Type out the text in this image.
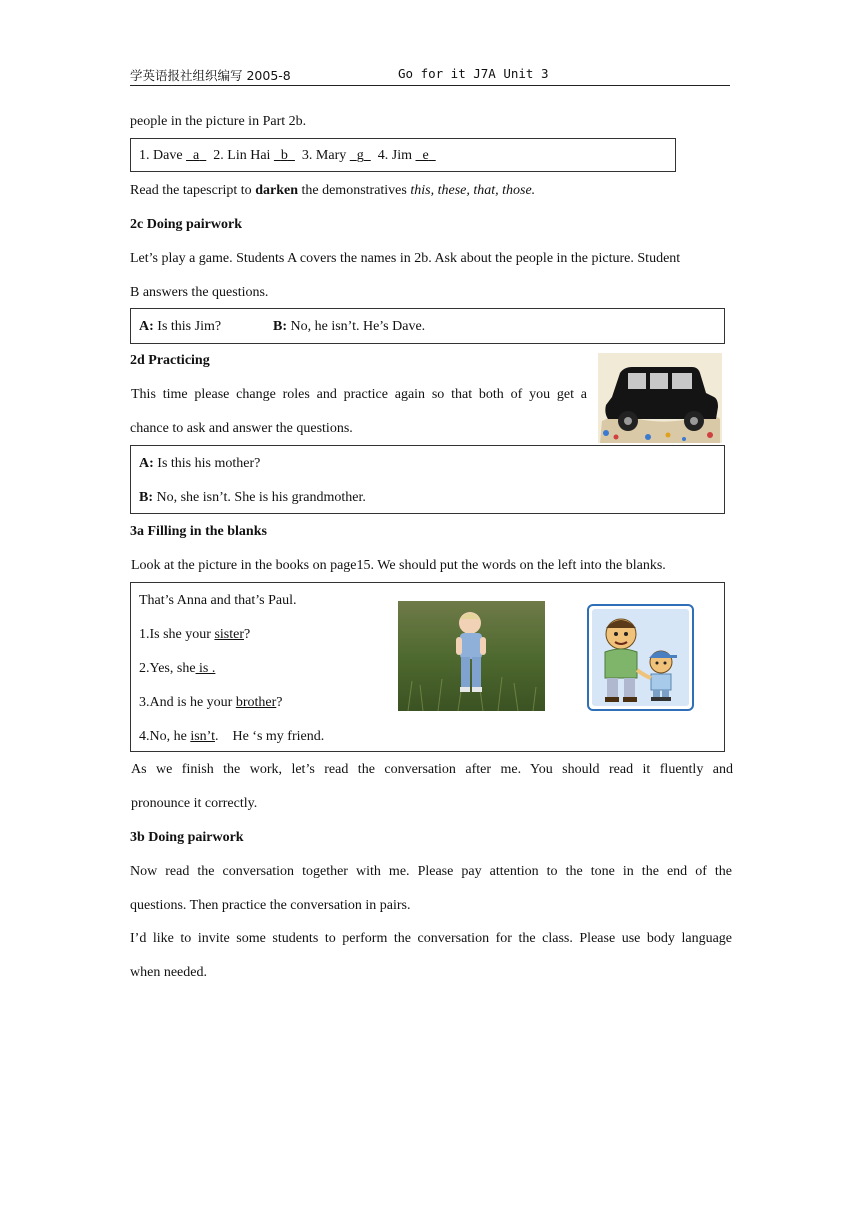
学英语报社组织编写 2005-8	Go for it J7A Unit 3
people in the picture in Part 2b.
1. Dave a 2. Lin Hai b 3. Mary g 4. Jim e
Read the tapescript to darken the demonstratives this, these, that, those.
2c Doing pairwork
Let’s play a game. Students A covers the names in 2b. Ask about the people in the picture. Student
B answers the questions.
A: Is this Jim?	B: No, he isn’t. He’s Dave.
2d Practicing
This time please change roles and practice again so that both of you get a
chance to ask and answer the questions.
A: Is this his mother?
B: No, she isn’t. She is his grandmother.
3a Filling in the blanks
Look at the picture in the books on page15. We should put the words on the left into the blanks.
That’s Anna and that’s Paul.
1.Is she your sister?
2.Yes, she is .
3.And is he your brother?
4.No, he isn’t.    He ‘s my friend.
As we finish the work, let’s read the conversation after me. You should read it fluently and
pronounce it correctly.
3b Doing pairwork
Now read the conversation together with me. Please pay attention to the tone in the end of the
questions. Then practice the conversation in pairs.
I’d like to invite some students to perform the conversation for the class. Please use body language
when needed.
